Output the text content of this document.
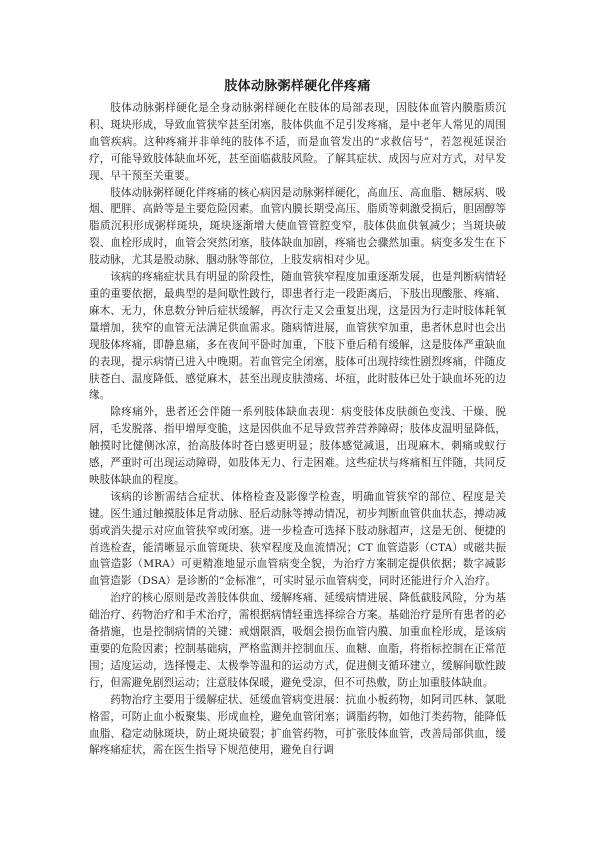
肢体动脉粥样硬化伴疼痛

肢体动脉粥样硬化是全身动脉粥样硬化在肢体的局部表现，因肢体血管内膜脂质沉积、斑块形成，导致血管狭窄甚至闭塞，肢体供血不足引发疼痛，是中老年人常见的周围血管疾病。这种疼痛并非单纯的肢体不适，而是血管发出的“求救信号”，若忽视延误治疗，可能导致肢体缺血坏死，甚至面临截肢风险。了解其症状、成因与应对方式，对早发现、早干预至关重要。

肢体动脉粥样硬化伴疼痛的核心病因是动脉粥样硬化，高血压、高血脂、糖尿病、吸烟、肥胖、高龄等是主要危险因素。血管内膜长期受高压、脂质等刺激受损后，胆固醇等脂质沉积形成粥样斑块，斑块逐渐增大使血管管腔变窄，肢体供血供氧减少；当斑块破裂、血栓形成时，血管会突然闭塞，肢体缺血加剧，疼痛也会骤然加重。病变多发生在下肢动脉，尤其是股动脉、腘动脉等部位，上肢发病相对少见。

该病的疼痛症状具有明显的阶段性，随血管狭窄程度加重逐渐发展，也是判断病情轻重的重要依据，最典型的是间歇性跛行，即患者行走一段距离后，下肢出现酸胀、疼痛、麻木、无力，休息数分钟后症状缓解，再次行走又会重复出现，这是因为行走时肢体耗氧量增加，狭窄的血管无法满足供血需求。随病情进展，血管狭窄加重，患者休息时也会出现肢体疼痛，即静息痛，多在夜间平卧时加重，下肢下垂后稍有缓解，这是肢体严重缺血的表现，提示病情已进入中晚期。若血管完全闭塞，肢体可出现持续性剧烈疼痛，伴随皮肤苍白、温度降低、感觉麻木，甚至出现皮肤溃疡、坏疽，此时肢体已处于缺血坏死的边缘。

除疼痛外，患者还会伴随一系列肢体缺血表现：病变肢体皮肤颜色变浅、干燥、脱屑，毛发脱落、指甲增厚变脆，这是因供血不足导致营养营养障碍；肢体皮温明显降低，触摸时比健侧冰凉，抬高肢体时苍白感更明显；肢体感觉减退，出现麻木、刺痛或蚁行感，严重时可出现运动障碍，如肢体无力、行走困难。这些症状与疼痛相互伴随，共同反映肢体缺血的程度。

该病的诊断需结合症状、体格检查及影像学检查，明确血管狭窄的部位、程度是关键。医生通过触摸肢体足背动脉、胫后动脉等搏动情况，初步判断血管供血状态，搏动减弱或消失提示对应血管狭窄或闭塞。进一步检查可选择下肢动脉超声，这是无创、便捷的首选检查，能清晰显示血管斑块、狭窄程度及血流情况；CT 血管造影（CTA）或磁共振血管造影（MRA）可更精准地显示血管病变全貌，为治疗方案制定提供依据；数字减影血管造影（DSA）是诊断的“金标准”，可实时显示血管病变，同时还能进行介入治疗。

治疗的核心原则是改善肢体供血、缓解疼痛、延缓病情进展、降低截肢风险，分为基础治疗、药物治疗和手术治疗，需根据病情轻重选择综合方案。基础治疗是所有患者的必备措施，也是控制病情的关键：戒烟限酒，吸烟会损伤血管内膜、加重血栓形成，是该病重要的危险因素；控制基础病，严格监测并控制血压、血糖、血脂，将指标控制在正常范围；适度运动，选择慢走、太极拳等温和的运动方式，促进侧支循环建立，缓解间歇性跛行，但需避免剧烈运动；注意肢体保暖，避免受凉，但不可热敷，防止加重肢体缺血。

药物治疗主要用于缓解症状、延缓血管病变进展：抗血小板药物，如阿司匹林、氯吡格雷，可防止血小板聚集、形成血栓，避免血管闭塞；调脂药物，如他汀类药物，能降低血脂、稳定动脉斑块，防止斑块破裂；扩血管药物，可扩张肢体血管，改善局部供血，缓解疼痛症状，需在医生指导下规范使用，避免自行调
